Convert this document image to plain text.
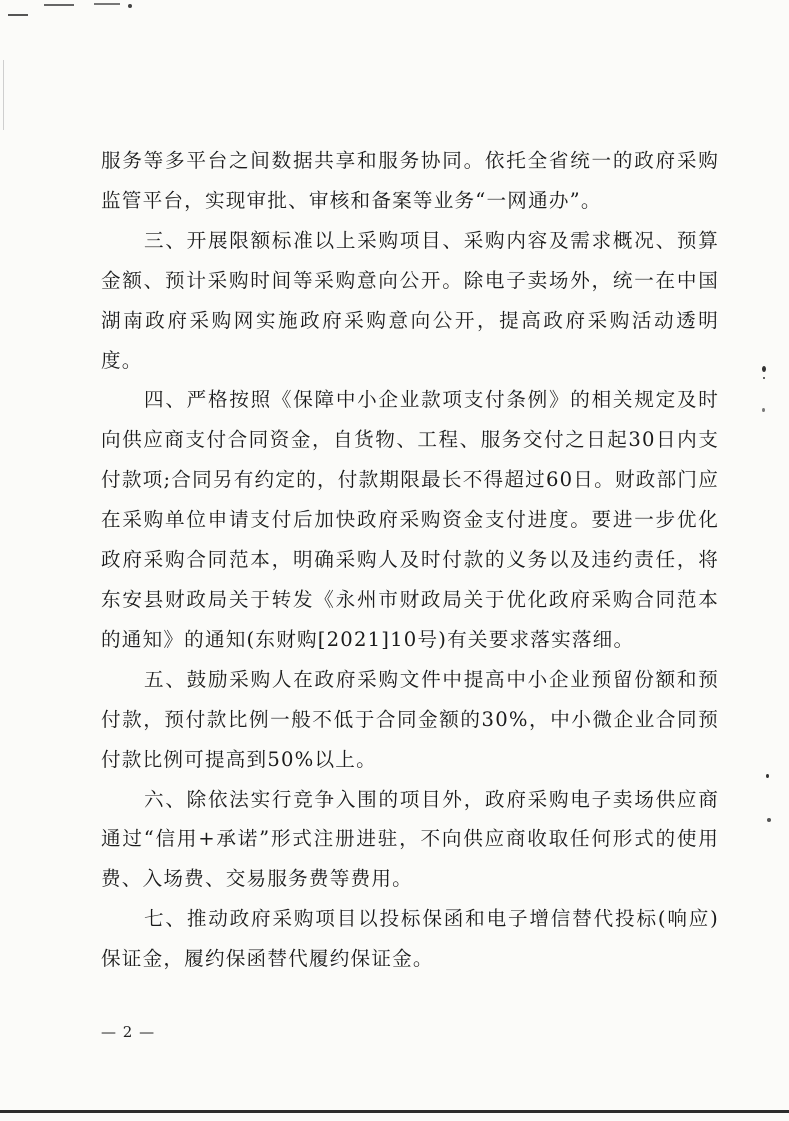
服务等多平台之间数据共享和服务协同。依托全省统一的政府采购监管平台，实现审批、审核和备案等业务“一网通办”。

三、开展限额标准以上采购项目、采购内容及需求概况、预算金额、预计采购时间等采购意向公开。除电子卖场外，统一在中国湖南政府采购网实施政府采购意向公开，提高政府采购活动透明度。

四、严格按照《保障中小企业款项支付条例》的相关规定及时向供应商支付合同资金，自货物、工程、服务交付之日起30日内支付款项;合同另有约定的，付款期限最长不得超过60日。财政部门应在采购单位申请支付后加快政府采购资金支付进度。要进一步优化政府采购合同范本，明确采购人及时付款的义务以及违约责任，将东安县财政局关于转发《永州市财政局关于优化政府采购合同范本的通知》的通知(东财购[2021]10号)有关要求落实落细。

五、鼓励采购人在政府采购文件中提高中小企业预留份额和预付款，预付款比例一般不低于合同金额的30%，中小微企业合同预付款比例可提高到50%以上。

六、除依法实行竞争入围的项目外，政府采购电子卖场供应商通过“信用+承诺”形式注册进驻，不向供应商收取任何形式的使用费、入场费、交易服务费等费用。

七、推动政府采购项目以投标保函和电子增信替代投标(响应)保证金，履约保函替代履约保证金。

— 2 —
